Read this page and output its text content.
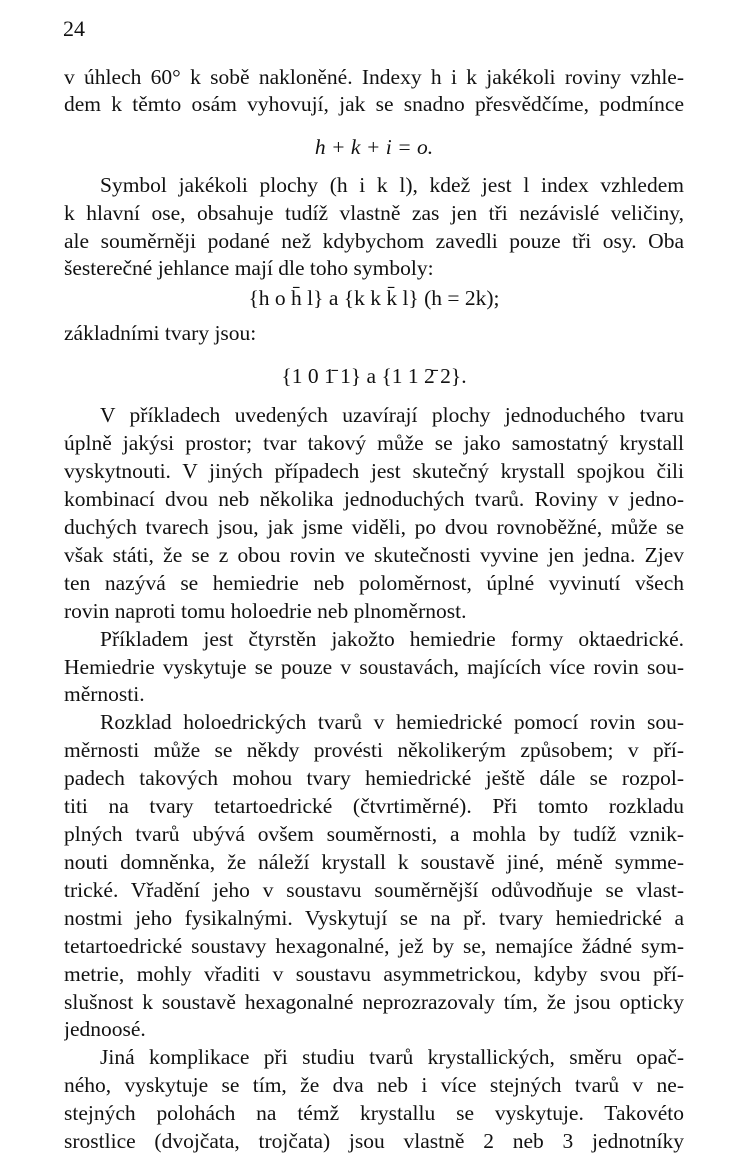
24
v úhlech 60° k sobě nakloněné. Indexy h i k jakékoli roviny vzhle-
dem k těmto osám vyhovují, jak se snadno přesvědčíme, podmínce
h + k + i = o.
Symbol jakékoli plochy (h i k l), kdež jest l index vzhledem
k hlavní ose, obsahuje tudíž vlastně zas jen tři nezávislé veličiny,
ale souměrněji podané než kdybychom zavedli pouze tři osy. Oba
šesterečné jehlance mají dle toho symboly:
{h o h̄ l} a {k k k̄ l} (h = 2k);
základními tvary jsou:
{1 0 1̄ 1} a {1 1 2̄ 2}.
V příkladech uvedených uzavírají plochy jednoduchého tvaru
úplně jakýsi prostor; tvar takový může se jako samostatný krystall
vyskytnouti. V jiných případech jest skutečný krystall spojkou čili
kombinací dvou neb několika jednoduchých tvarů. Roviny v jedno-
duchých tvarech jsou, jak jsme viděli, po dvou rovnoběžné, může se
však státi, že se z obou rovin ve skutečnosti vyvine jen jedna. Zjev
ten nazývá se hemiedrie neb poloměrnost, úplné vyvinutí všech
rovin naproti tomu holoedrie neb plnoměrnost.
Příkladem jest čtyrstěn jakožto hemiedrie formy oktaedrické.
Hemiedrie vyskytuje se pouze v soustavách, majících více rovin sou-
měrnosti.
Rozklad holoedrických tvarů v hemiedrické pomocí rovin sou-
měrnosti může se někdy provésti několikerým způsobem; v pří-
padech takových mohou tvary hemiedrické ještě dále se rozpol-
titi na tvary tetartoedrické (čtvrtiměrné). Při tomto rozkladu
plných tvarů ubývá ovšem souměrnosti, a mohla by tudíž vznik-
nouti domněnka, že náleží krystall k soustavě jiné, méně symme-
trické. Vřadění jeho v soustavu souměrnější odůvodňuje se vlast-
nostmi jeho fysikalnými. Vyskytují se na př. tvary hemiedrické a
tetartoedrické soustavy hexagonalné, jež by se, nemajíce žádné sym-
metrie, mohly vřaditi v soustavu asymmetrickou, kdyby svou pří-
slušnost k soustavě hexagonalné neprozrazovaly tím, že jsou opticky
jednoosé.
Jiná komplikace při studiu tvarů krystallických, směru opač-
ného, vyskytuje se tím, že dva neb i více stejných tvarů v ne-
stejných polohách na témž krystallu se vyskytuje. Takovéto
srostlice (dvojčata, trojčata) jsou vlastně 2 neb 3 jednotníky
